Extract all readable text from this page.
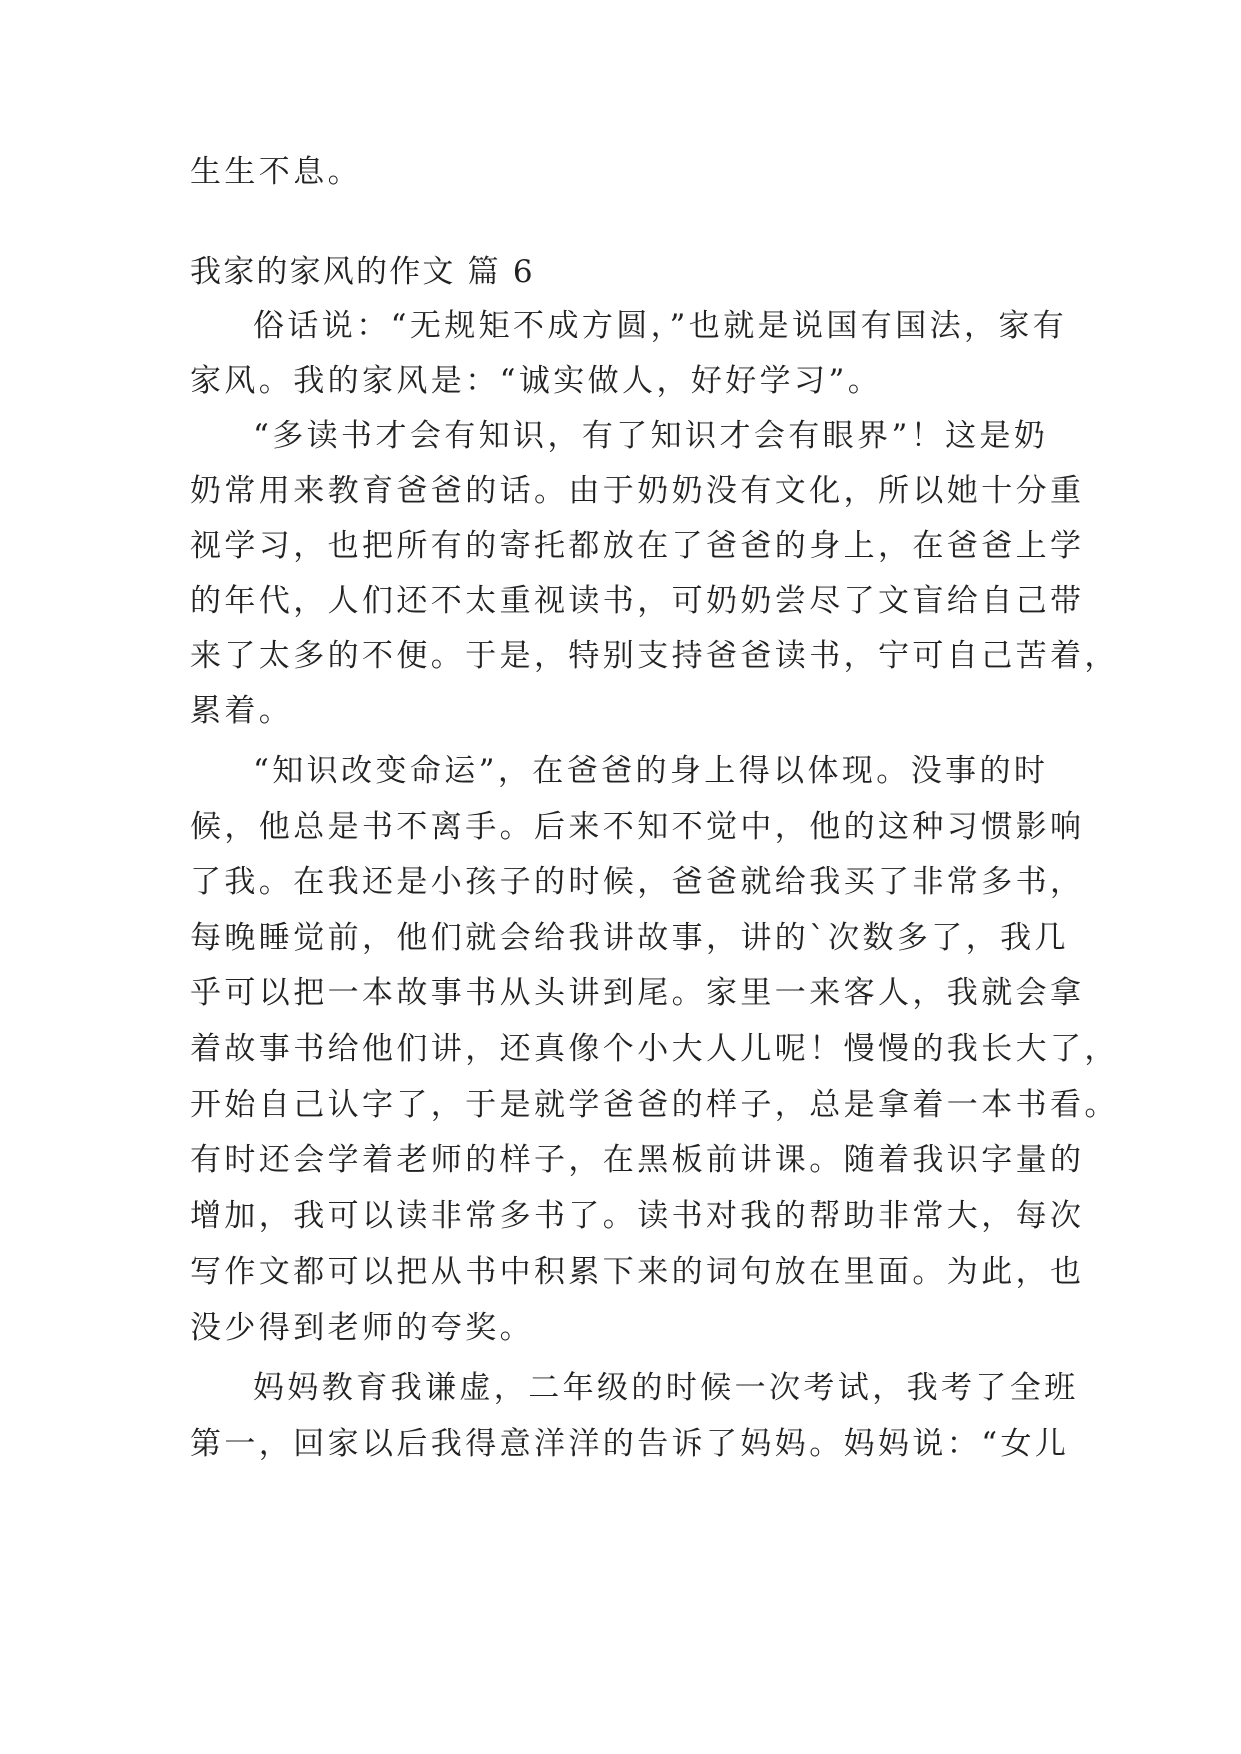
生生不息。
我家的家风的作文 篇 6
俗话说：“无规矩不成方圆，”也就是说国有国法，家有
家风。我的家风是：“诚实做人，好好学习”。
“多读书才会有知识，有了知识才会有眼界”！这是奶
奶常用来教育爸爸的话。由于奶奶没有文化，所以她十分重
视学习，也把所有的寄托都放在了爸爸的身上，在爸爸上学
的年代，人们还不太重视读书，可奶奶尝尽了文盲给自己带
来了太多的不便。于是，特别支持爸爸读书，宁可自己苦着，
累着。
“知识改变命运”，在爸爸的身上得以体现。没事的时
候，他总是书不离手。后来不知不觉中，他的这种习惯影响
了我。在我还是小孩子的时候，爸爸就给我买了非常多书，
每晚睡觉前，他们就会给我讲故事，讲的`次数多了，我几
乎可以把一本故事书从头讲到尾。家里一来客人，我就会拿
着故事书给他们讲，还真像个小大人儿呢！慢慢的我长大了，
开始自己认字了，于是就学爸爸的样子，总是拿着一本书看。
有时还会学着老师的样子，在黑板前讲课。随着我识字量的
增加，我可以读非常多书了。读书对我的帮助非常大，每次
写作文都可以把从书中积累下来的词句放在里面。为此，也
没少得到老师的夸奖。
妈妈教育我谦虚，二年级的时候一次考试，我考了全班
第一，回家以后我得意洋洋的告诉了妈妈。妈妈说：“女儿
